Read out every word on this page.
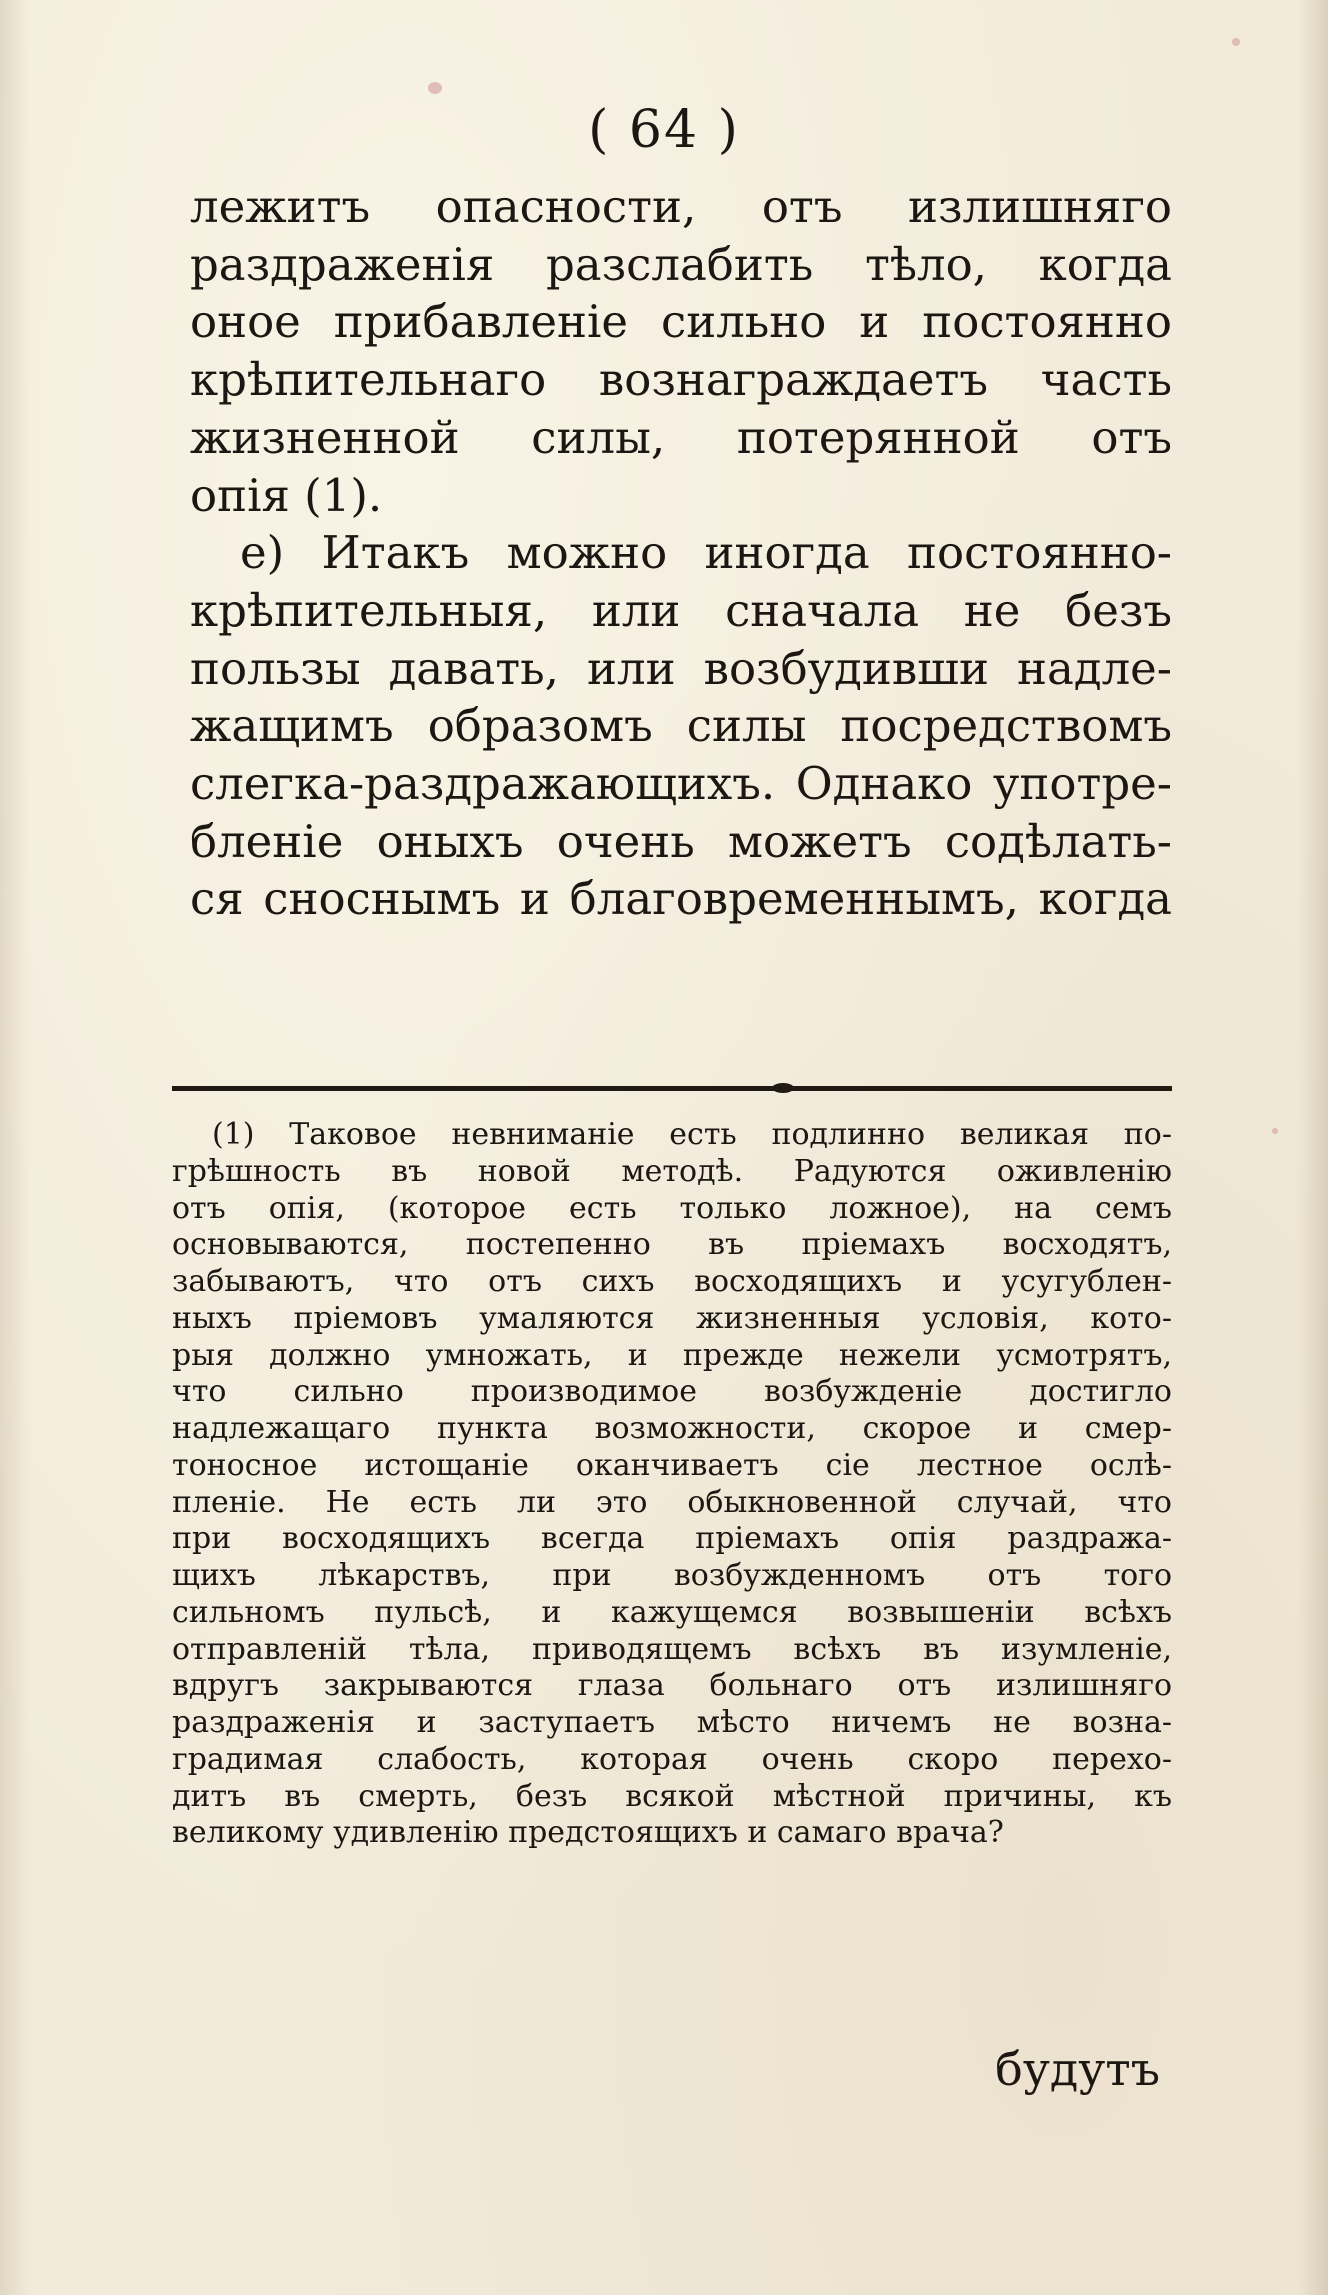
( 64 )
лежитъ опасности, отъ излишняго
раздраженія разслабить тѣло, когда
оное прибавленіе сильно и постоянно
крѣпительнаго вознаграждаетъ часть
жизненной силы, потерянной отъ
опія (1).
е) Итакъ можно иногда постоянно-
крѣпительныя, или сначала не безъ
пользы давать, или возбудивши надле-
жащимъ образомъ силы посредствомъ
слегка-раздражающихъ. Однако употре-
бленіе оныхъ очень можетъ содѣлать-
ся сноснымъ и благовременнымъ, когда
(1) Таковое невниманіе есть подлинно великая по-
грѣшность въ новой методѣ. Радуются оживленію
отъ опія, (которое есть только ложное), на семъ
основываются, постепенно въ пріемахъ восходятъ,
забываютъ, что отъ сихъ восходящихъ и усугублен-
ныхъ пріемовъ умаляются жизненныя условія, кото-
рыя должно умножать, и прежде нежели усмотрятъ,
что сильно производимое возбужденіе достигло
надлежащаго пункта возможности, скорое и смер-
тоносное истощаніе оканчиваетъ сіе лестное ослѣ-
пленіе. Не есть ли это обыкновенной случай, что
при восходящихъ всегда пріемахъ опія раздража-
щихъ лѣкарствъ, при возбужденномъ отъ того
сильномъ пульсѣ, и кажущемся возвышеніи всѣхъ
отправленій тѣла, приводящемъ всѣхъ въ изумленіе,
вдругъ закрываются глаза больнаго отъ излишняго
раздраженія и заступаетъ мѣсто ничемъ не возна-
градимая слабость, которая очень скоро перехо-
дитъ въ смерть, безъ всякой мѣстной причины, къ
великому удивленію предстоящихъ и самаго врача?
будутъ
